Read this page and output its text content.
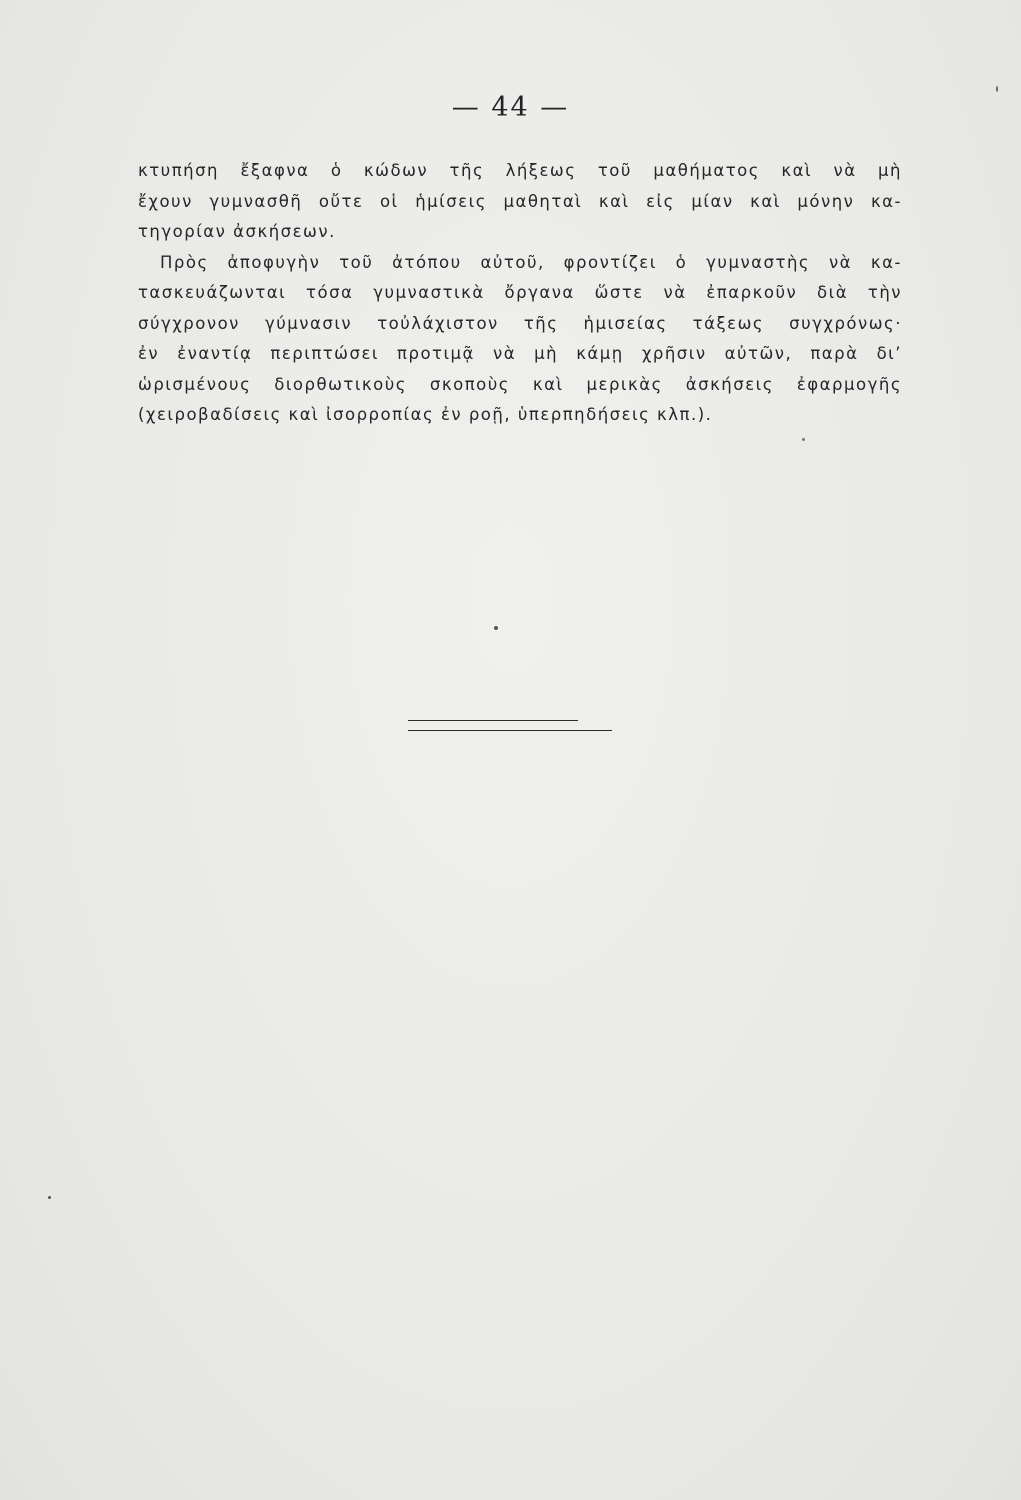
— 44 —
κτυπήση ἔξαφνα ὁ κώδων τῆς λήξεως τοῦ μαθήματος καὶ νὰ μὴ
ἔχουν γυμνασθῆ οὔτε οἱ ἡμίσεις μαθηταὶ καὶ εἰς μίαν καὶ μόνην κα-
τηγορίαν ἀσκήσεων.
Πρὸς ἀποφυγὴν τοῦ ἀτόπου αὐτοῦ, φροντίζει ὁ γυμναστὴς νὰ κα-
τασκευάζωνται τόσα γυμναστικὰ ὄργανα ὥστε νὰ ἐπαρκοῦν διὰ τὴν
σύγχρονον γύμνασιν τοὐλάχιστον τῆς ἡμισείας τάξεως συγχρόνως·
ἐν ἐναντίᾳ περιπτώσει προτιμᾷ νὰ μὴ κάμῃ χρῆσιν αὐτῶν, παρὰ δι’
ὡρισμένους διορθωτικοὺς σκοποὺς καὶ μερικὰς ἀσκήσεις ἐφαρμογῆς
(χειροβαδίσεις καὶ ἰσορροπίας ἐν ροῇ, ὑπερπηδήσεις κλπ.).
